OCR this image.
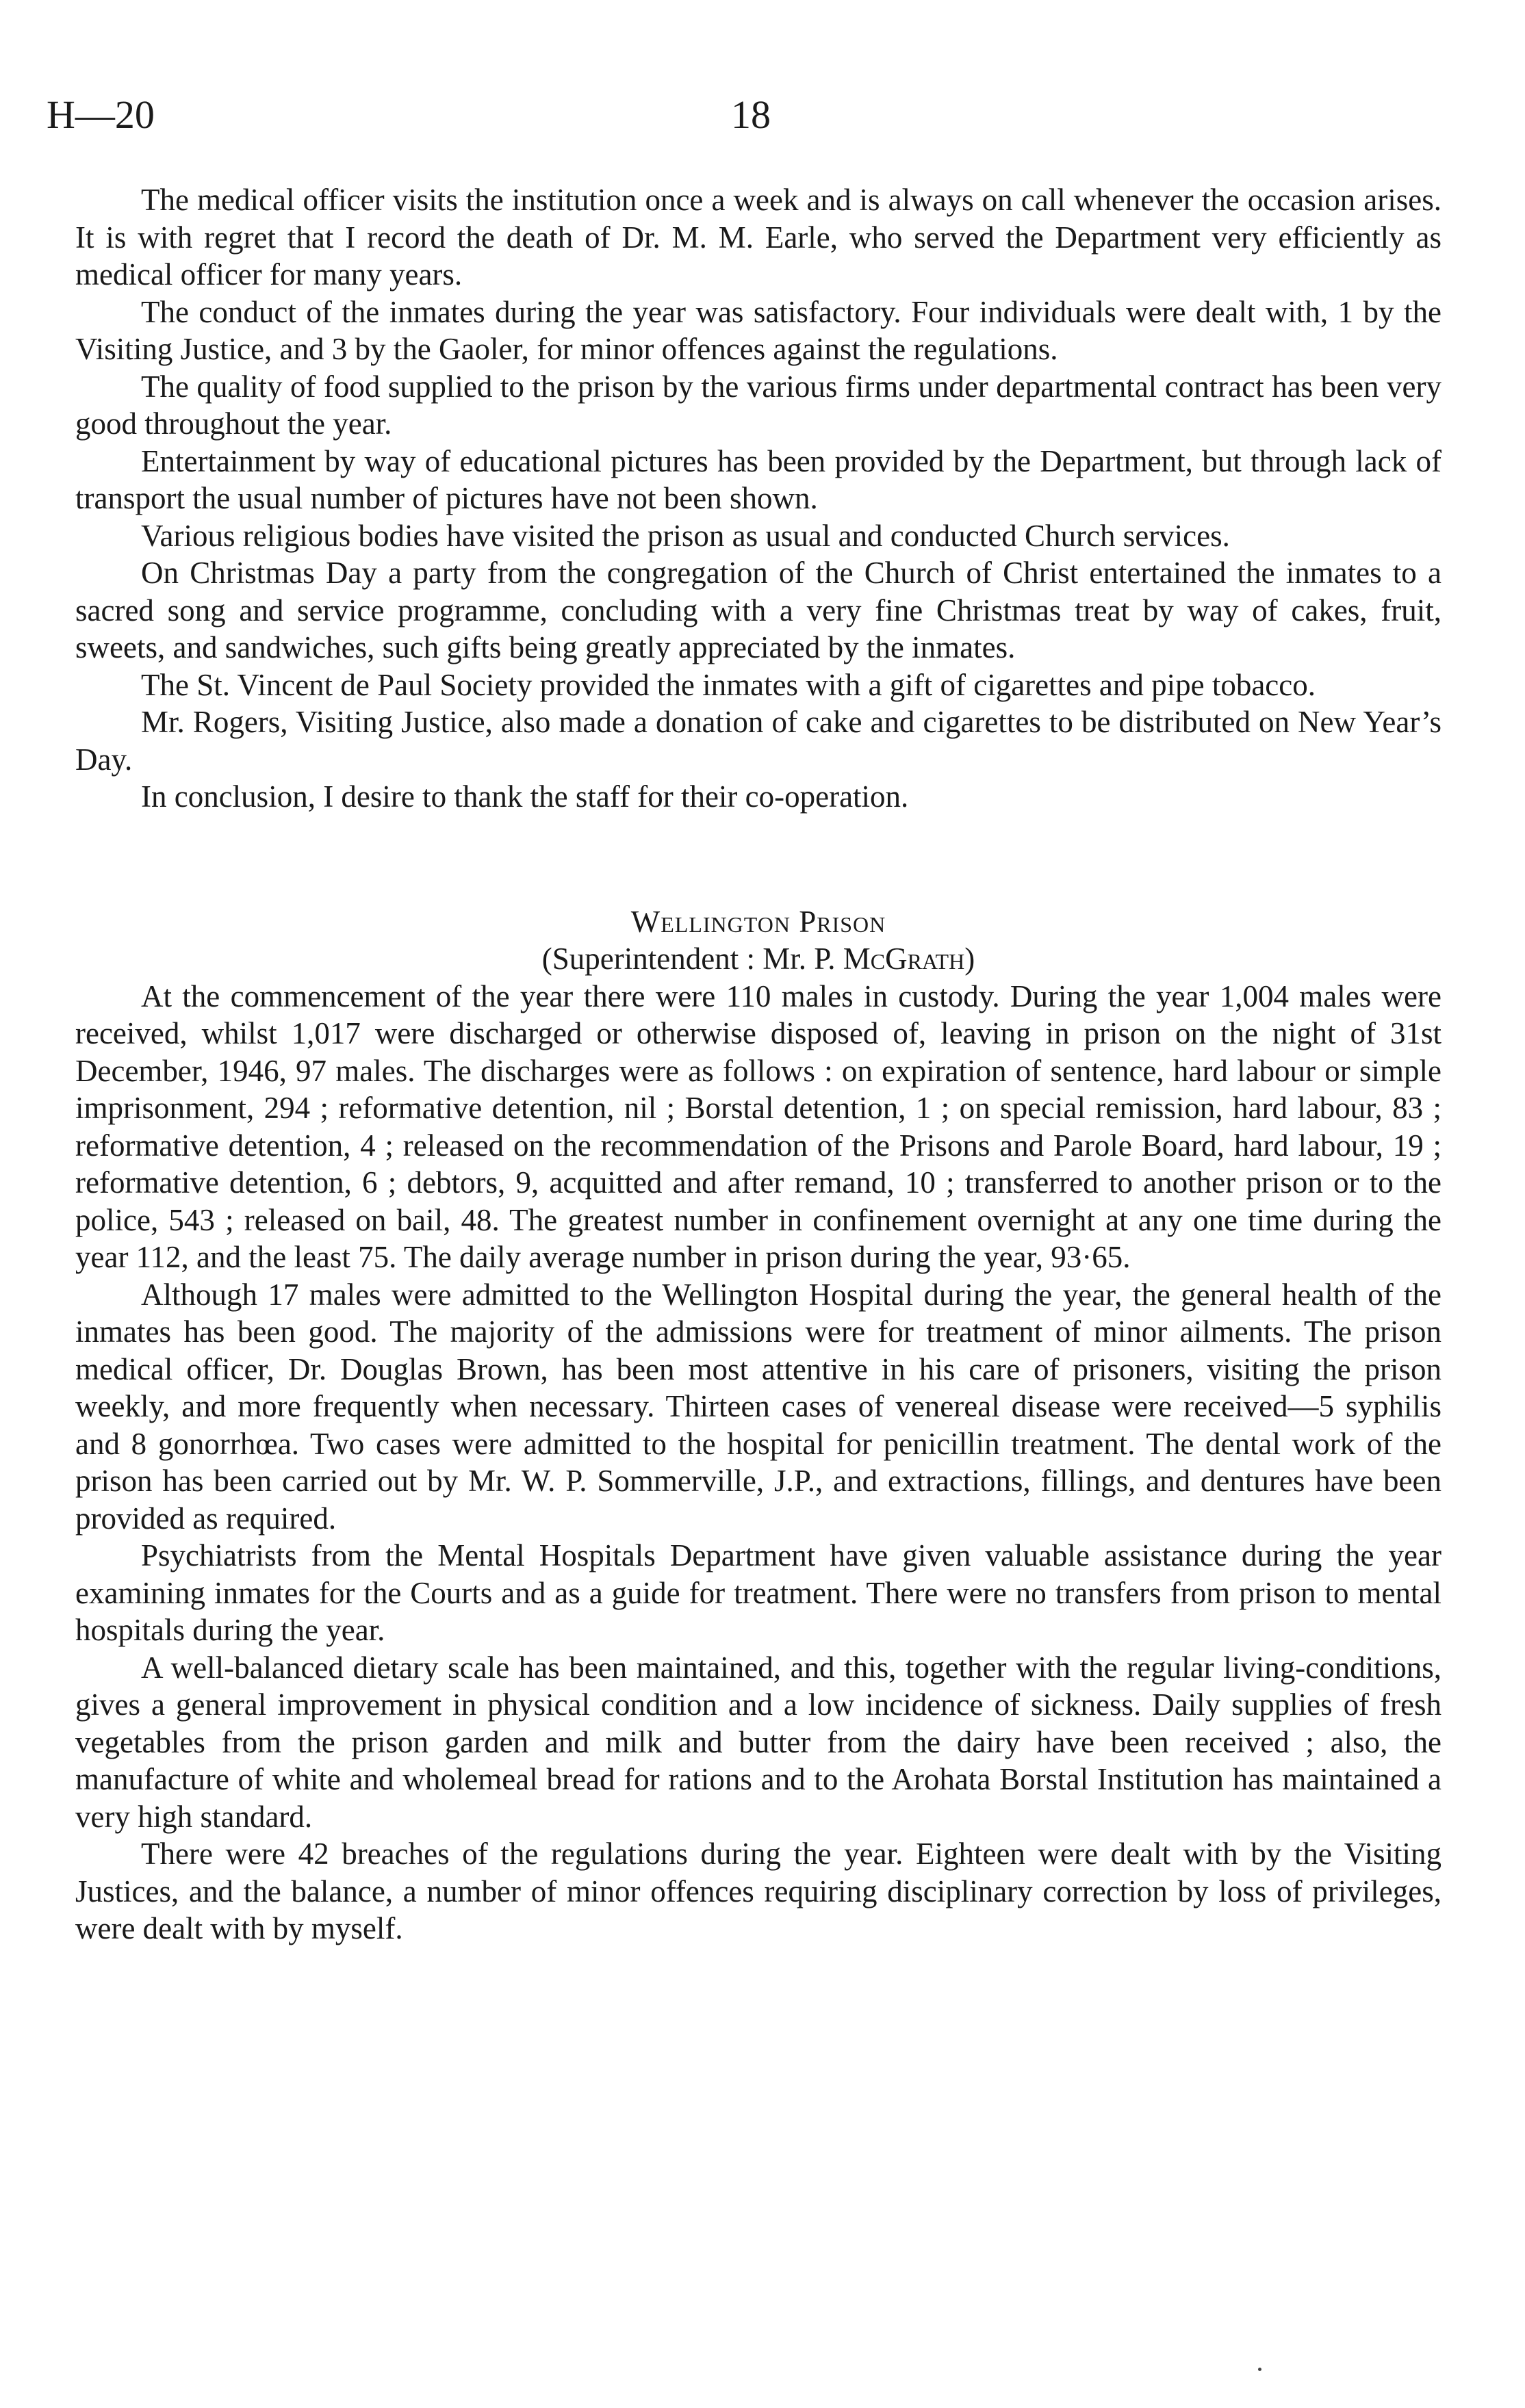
H—20	18

The medical officer visits the institution once a week and is always on call whenever the occasion arises. It is with regret that I record the death of Dr. M. M. Earle, who served the Department very efficiently as medical officer for many years.

The conduct of the inmates during the year was satisfactory. Four individuals were dealt with, 1 by the Visiting Justice, and 3 by the Gaoler, for minor offences against the regulations.

The quality of food supplied to the prison by the various firms under departmental contract has been very good throughout the year.

Entertainment by way of educational pictures has been provided by the Department, but through lack of transport the usual number of pictures have not been shown.

Various religious bodies have visited the prison as usual and conducted Church services.

On Christmas Day a party from the congregation of the Church of Christ entertained the inmates to a sacred song and service programme, concluding with a very fine Christmas treat by way of cakes, fruit, sweets, and sandwiches, such gifts being greatly appreciated by the inmates.

The St. Vincent de Paul Society provided the inmates with a gift of cigarettes and pipe tobacco.

Mr. Rogers, Visiting Justice, also made a donation of cake and cigarettes to be distributed on New Year’s Day.

In conclusion, I desire to thank the staff for their co-operation.

Wellington Prison
(Superintendent : Mr. P. McGrath)

At the commencement of the year there were 110 males in custody. During the year 1,004 males were received, whilst 1,017 were discharged or otherwise disposed of, leaving in prison on the night of 31st December, 1946, 97 males. The discharges were as follows : on expiration of sentence, hard labour or simple imprisonment, 294 ; reformative detention, nil ; Borstal detention, 1 ; on special remission, hard labour, 83 ; reformative detention, 4 ; released on the recommendation of the Prisons and Parole Board, hard labour, 19 ; reformative detention, 6 ; debtors, 9, acquitted and after remand, 10 ; transferred to another prison or to the police, 543 ; released on bail, 48. The greatest number in confinement overnight at any one time during the year 112, and the least 75. The daily average number in prison during the year, 93·65.

Although 17 males were admitted to the Wellington Hospital during the year, the general health of the inmates has been good. The majority of the admissions were for treatment of minor ailments. The prison medical officer, Dr. Douglas Brown, has been most attentive in his care of prisoners, visiting the prison weekly, and more frequently when necessary. Thirteen cases of venereal disease were received—5 syphilis and 8 gonorrhœa. Two cases were admitted to the hospital for penicillin treatment. The dental work of the prison has been carried out by Mr. W. P. Sommerville, J.P., and extractions, fillings, and dentures have been provided as required.

Psychiatrists from the Mental Hospitals Department have given valuable assistance during the year examining inmates for the Courts and as a guide for treatment. There were no transfers from prison to mental hospitals during the year.

A well-balanced dietary scale has been maintained, and this, together with the regular living-conditions, gives a general improvement in physical condition and a low incidence of sickness. Daily supplies of fresh vegetables from the prison garden and milk and butter from the dairy have been received ; also, the manufacture of white and wholemeal bread for rations and to the Arohata Borstal Institution has maintained a very high standard.

There were 42 breaches of the regulations during the year. Eighteen were dealt with by the Visiting Justices, and the balance, a number of minor offences requiring disciplinary correction by loss of privileges, were dealt with by myself.
